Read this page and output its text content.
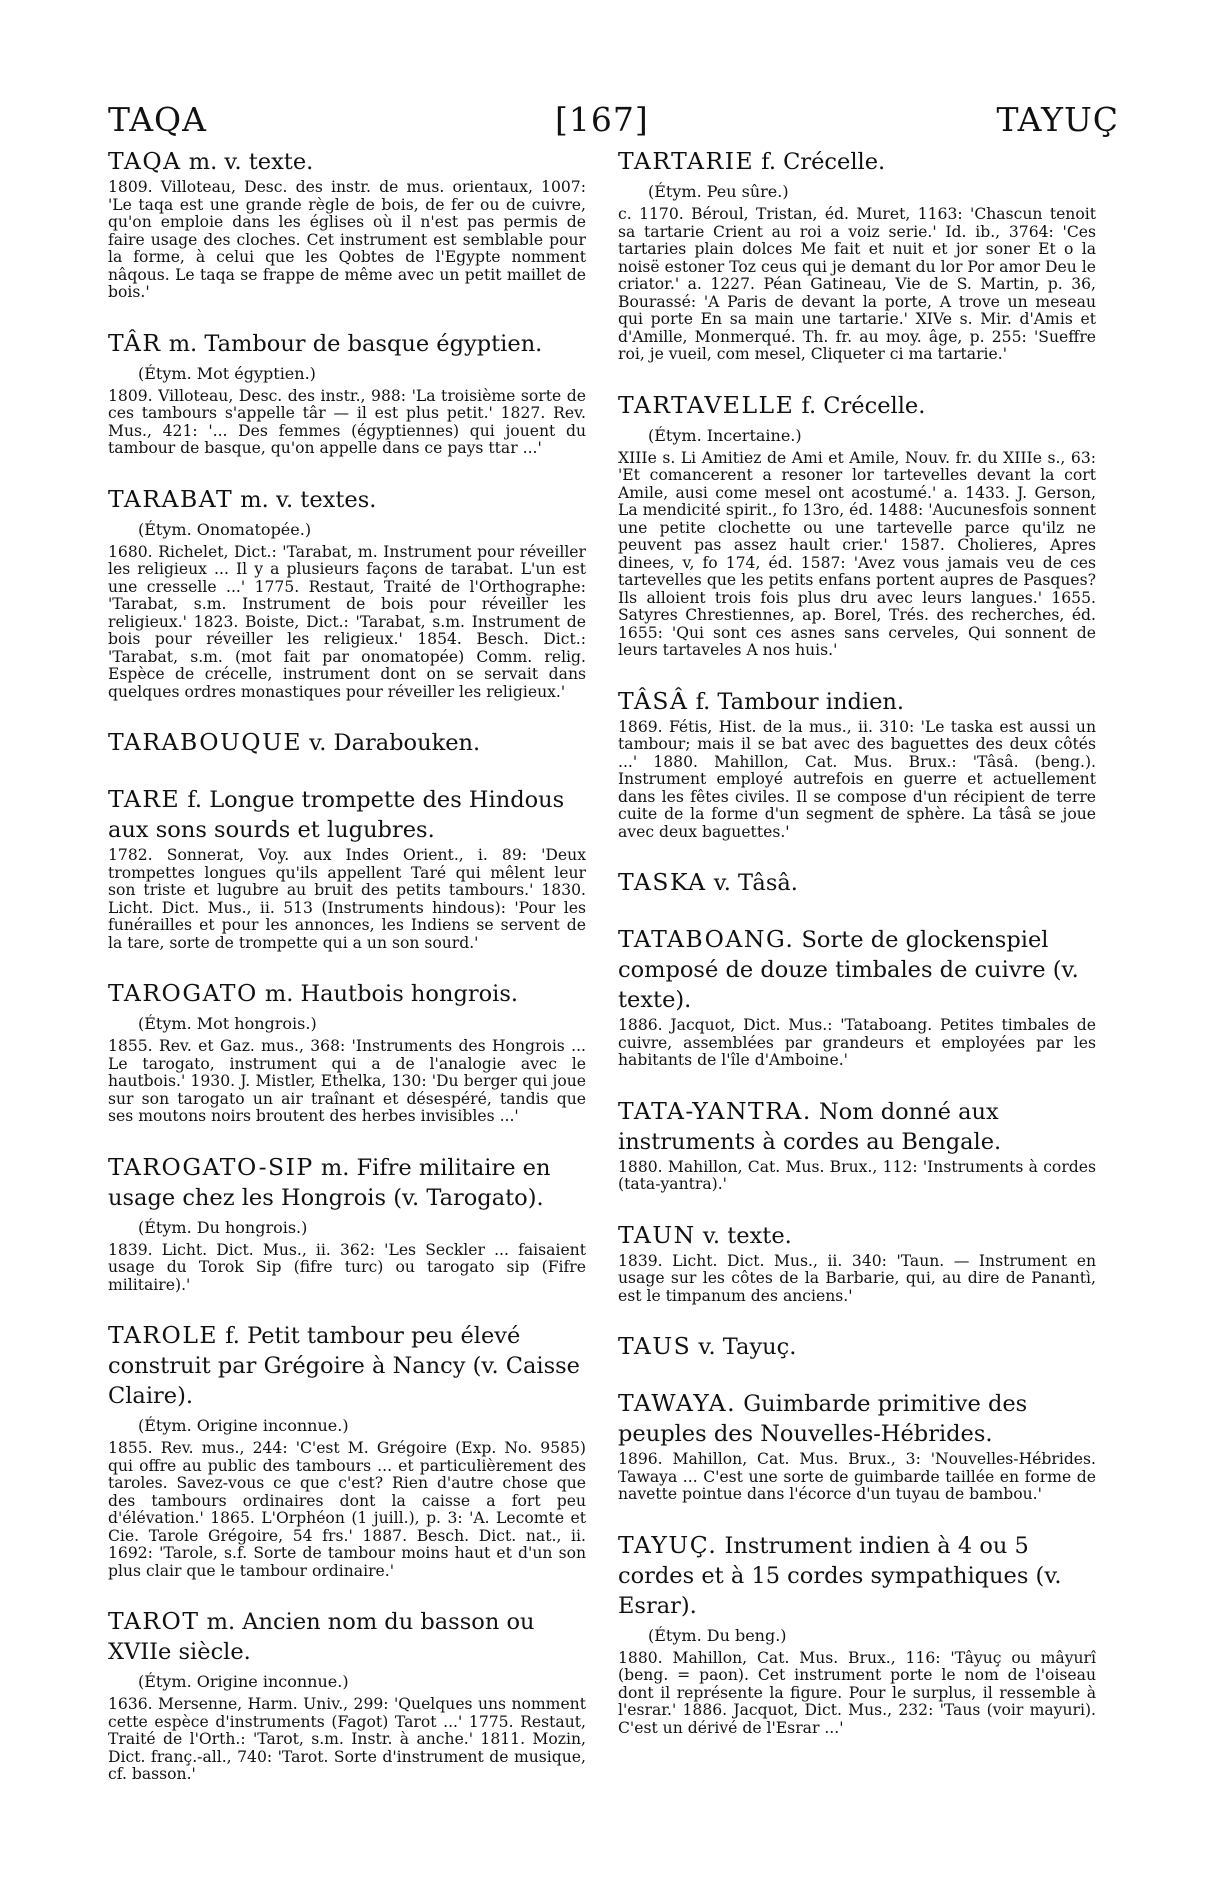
TAQA	[167]	TAYUÇ

TAQA m. v. texte.

1809. Villoteau, Desc. des instr. de mus. orientaux, 1007: 'Le taqa est une grande règle de bois, de fer ou de cuivre, qu'on emploie dans les églises où il n'est pas permis de faire usage des cloches. Cet instrument est semblable pour la forme, à celui que les Qobtes de l'Egypte nomment nâqous. Le taqa se frappe de même avec un petit maillet de bois.'

TÂR m. Tambour de basque égyptien.

(Étym. Mot égyptien.)

1809. Villoteau, Desc. des instr., 988: 'La troisième sorte de ces tambours s'appelle târ — il est plus petit.' 1827. Rev. Mus., 421: '... Des femmes (égyptiennes) qui jouent du tambour de basque, qu'on appelle dans ce pays ttar ...'

TARABAT m. v. textes.

(Étym. Onomatopée.)

1680. Richelet, Dict.: 'Tarabat, m. Instrument pour réveiller les religieux ... Il y a plusieurs façons de tarabat. L'un est une cresselle ...' 1775. Restaut, Traité de l'Orthographe: 'Tarabat, s.m. Instrument de bois pour réveiller les religieux.' 1823. Boiste, Dict.: 'Tarabat, s.m. Instrument de bois pour réveiller les religieux.' 1854. Besch. Dict.: 'Tarabat, s.m. (mot fait par onomatopée) Comm. relig. Espèce de crécelle, instrument dont on se servait dans quelques ordres monastiques pour réveiller les religieux.'

TARABOUQUE v. Darabouken.

TARE f. Longue trompette des Hindous aux sons sourds et lugubres.

1782. Sonnerat, Voy. aux Indes Orient., i. 89: 'Deux trompettes longues qu'ils appellent Taré qui mêlent leur son triste et lugubre au bruit des petits tambours.' 1830. Licht. Dict. Mus., ii. 513 (Instruments hindous): 'Pour les funérailles et pour les annonces, les Indiens se servent de la tare, sorte de trompette qui a un son sourd.'

TAROGATO m. Hautbois hongrois.

(Étym. Mot hongrois.)

1855. Rev. et Gaz. mus., 368: 'Instruments des Hongrois ... Le tarogato, instrument qui a de l'analogie avec le hautbois.' 1930. J. Mistler, Ethelka, 130: 'Du berger qui joue sur son tarogato un air traînant et désespéré, tandis que ses moutons noirs broutent des herbes invisibles ...'

TAROGATO-SIP m. Fifre militaire en usage chez les Hongrois (v. Tarogato).

(Étym. Du hongrois.)

1839. Licht. Dict. Mus., ii. 362: 'Les Seckler ... faisaient usage du Torok Sip (fifre turc) ou tarogato sip (Fifre militaire).'

TAROLE f. Petit tambour peu élevé construit par Grégoire à Nancy (v. Caisse Claire).

(Étym. Origine inconnue.)

1855. Rev. mus., 244: 'C'est M. Grégoire (Exp. No. 9585) qui offre au public des tambours ... et particulièrement des taroles. Savez-vous ce que c'est? Rien d'autre chose que des tambours ordinaires dont la caisse a fort peu d'élévation.' 1865. L'Orphéon (1 juill.), p. 3: 'A. Lecomte et Cie. Tarole Grégoire, 54 frs.' 1887. Besch. Dict. nat., ii. 1692: 'Tarole, s.f. Sorte de tambour moins haut et d'un son plus clair que le tambour ordinaire.'

TAROT m. Ancien nom du basson ou XVIIe siècle.

(Étym. Origine inconnue.)

1636. Mersenne, Harm. Univ., 299: 'Quelques uns nomment cette espèce d'instruments (Fagot) Tarot ...' 1775. Restaut, Traité de l'Orth.: 'Tarot, s.m. Instr. à anche.' 1811. Mozin, Dict. franç.-all., 740: 'Tarot. Sorte d'instrument de musique, cf. basson.'

TARTARIE f. Crécelle.

(Étym. Peu sûre.)

c. 1170. Béroul, Tristan, éd. Muret, 1163: 'Chascun tenoit sa tartarie Crient au roi a voiz serie.' Id. ib., 3764: 'Ces tartaries plain dolces Me fait et nuit et jor soner Et o la noisë estoner Toz ceus qui je demant du lor Por amor Deu le criator.' a. 1227. Péan Gatineau, Vie de S. Martin, p. 36, Bourassé: 'A Paris de devant la porte, A trove un meseau qui porte En sa main une tartarie.' XIVe s. Mir. d'Amis et d'Amille, Monmerqué. Th. fr. au moy. âge, p. 255: 'Sueffre roi, je vueil, com mesel, Cliqueter ci ma tartarie.'

TARTAVELLE f. Crécelle.

(Étym. Incertaine.)

XIIIe s. Li Amitiez de Ami et Amile, Nouv. fr. du XIIIe s., 63: 'Et comancerent a resoner lor tartevelles devant la cort Amile, ausi come mesel ont acostumé.' a. 1433. J. Gerson, La mendicité spirit., fo 13ro, éd. 1488: 'Aucunesfois sonnent une petite clochette ou une tartevelle parce qu'ilz ne peuvent pas assez hault crier.' 1587. Cholieres, Apres dinees, v, fo 174, éd. 1587: 'Avez vous jamais veu de ces tartevelles que les petits enfans portent aupres de Pasques? Ils alloient trois fois plus dru avec leurs langues.' 1655. Satyres Chrestiennes, ap. Borel, Trés. des recherches, éd. 1655: 'Qui sont ces asnes sans cerveles, Qui sonnent de leurs tartaveles A nos huis.'

TÂSÂ f. Tambour indien.

1869. Fétis, Hist. de la mus., ii. 310: 'Le taska est aussi un tambour; mais il se bat avec des baguettes des deux côtés ...' 1880. Mahillon, Cat. Mus. Brux.: 'Tâsâ. (beng.). Instrument employé autrefois en guerre et actuellement dans les fêtes civiles. Il se compose d'un récipient de terre cuite de la forme d'un segment de sphère. La tâsâ se joue avec deux baguettes.'

TASKA v. Tâsâ.

TATABOANG. Sorte de glockenspiel composé de douze timbales de cuivre (v. texte).

1886. Jacquot, Dict. Mus.: 'Tataboang. Petites timbales de cuivre, assemblées par grandeurs et employées par les habitants de l'île d'Amboine.'

TATA-YANTRA. Nom donné aux instruments à cordes au Bengale.

1880. Mahillon, Cat. Mus. Brux., 112: 'Instruments à cordes (tata-yantra).'

TAUN v. texte.

1839. Licht. Dict. Mus., ii. 340: 'Taun. — Instrument en usage sur les côtes de la Barbarie, qui, au dire de Panantì, est le timpanum des anciens.'

TAUS v. Tayuç.

TAWAYA. Guimbarde primitive des peuples des Nouvelles-Hébrides.

1896. Mahillon, Cat. Mus. Brux., 3: 'Nouvelles-Hébrides. Tawaya ... C'est une sorte de guimbarde taillée en forme de navette pointue dans l'écorce d'un tuyau de bambou.'

TAYUÇ. Instrument indien à 4 ou 5 cordes et à 15 cordes sympathiques (v. Esrar).

(Étym. Du beng.)

1880. Mahillon, Cat. Mus. Brux., 116: 'Tâyuç ou mâyurî (beng. = paon). Cet instrument porte le nom de l'oiseau dont il représente la figure. Pour le surplus, il ressemble à l'esrar.' 1886. Jacquot, Dict. Mus., 232: 'Taus (voir mayuri). C'est un dérivé de l'Esrar ...'
